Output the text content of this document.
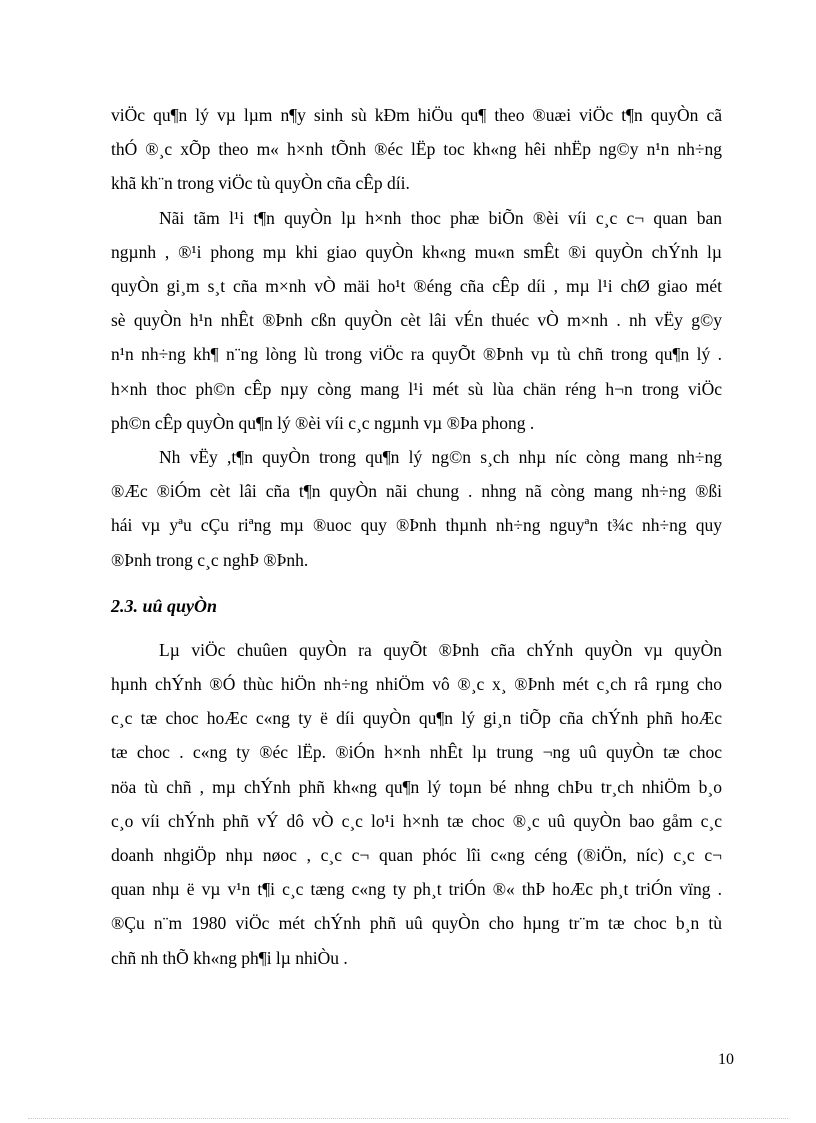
viÖc qu¶n lý vµ lµm n¶y sinh sù kÐm hiÖu qu¶ theo ®uæi viÖc t¶n quyÒn cã
thÓ ®¸c xÕp theo m« h×nh tÕnh ®éc lËp toc kh«ng hêi nhËp ng©y n¹n nh÷ng
khã kh¨n trong viÖc tù quyÒn cña cÊp díi.
Nãi tãm l¹i t¶n quyÒn lµ h×nh thoc phæ biÕn ®èi víi c¸c c¬ quan ban
ngµnh , ®¹i phong mµ khi giao quyÒn kh«ng mu«n smÊt ®i quyÒn chÝnh lµ
quyÒn gi¸m s¸t cña m×nh vÒ mäi ho¹t ®éng cña cÊp díi , mµ l¹i chØ giao mét
sè quyÒn h¹n nhÊt ®Þnh cßn quyÒn cèt lâi vÉn thuéc vÒ m×nh . nh vËy g©y
n¹n nh÷ng kh¶ n¨ng lòng lù trong viÖc ra quyÕt ®Þnh vµ tù chñ trong qu¶n lý .
h×nh thoc ph©n cÊp nµy còng mang l¹i mét sù lùa chän réng h¬n trong viÖc
ph©n cÊp quyÒn qu¶n lý ®èi víi c¸c ngµnh vµ ®Þa phong .
Nh vËy ,t¶n quyÒn trong qu¶n lý ng©n s¸ch nhµ níc còng mang nh÷ng
®Æc ®iÓm cèt lâi cña t¶n quyÒn nãi chung . nhng nã còng mang nh÷ng ®ßi
hái vµ yªu cÇu riªng mµ ®uoc quy ®Þnh thµnh nh÷ng nguyªn t¾c nh÷ng quy
®Þnh trong c¸c nghÞ ®Þnh.
2.3. uû quyÒn
Lµ viÖc chuûen quyÒn ra quyÕt ®Þnh cña chÝnh quyÒn vµ quyÒn
hµnh chÝnh ®Ó thùc hiÖn nh÷ng nhiÖm vô ®¸c x¸ ®Þnh mét c¸ch râ rµng cho
c¸c tæ choc hoÆc c«ng ty ë díi quyÒn qu¶n lý gi¸n tiÕp cña chÝnh phñ hoÆc
tæ choc . c«ng ty ®éc lËp. ®iÓn h×nh nhÊt lµ trung ¬ng uû quyÒn tæ choc
nöa tù chñ , mµ chÝnh phñ kh«ng qu¶n lý toµn bé nhng chÞu tr¸ch nhiÖm b¸o
c¸o víi chÝnh phñ vÝ dô vÒ c¸c lo¹i h×nh tæ choc ®¸c uû quyÒn bao gåm c¸c
doanh nhgiÖp nhµ nøoc , c¸c c¬ quan phóc lîi c«ng céng (®iÖn, níc) c¸c c¬
quan nhµ ë vµ v¹n t¶i c¸c tæng c«ng ty ph¸t triÓn ®« thÞ hoÆc ph¸t triÓn vïng .
®Çu n¨m 1980 viÖc mét chÝnh phñ uû quyÒn cho hµng tr¨m tæ choc b¸n tù
chñ nh thÕ kh«ng ph¶i lµ nhiÒu .
10
